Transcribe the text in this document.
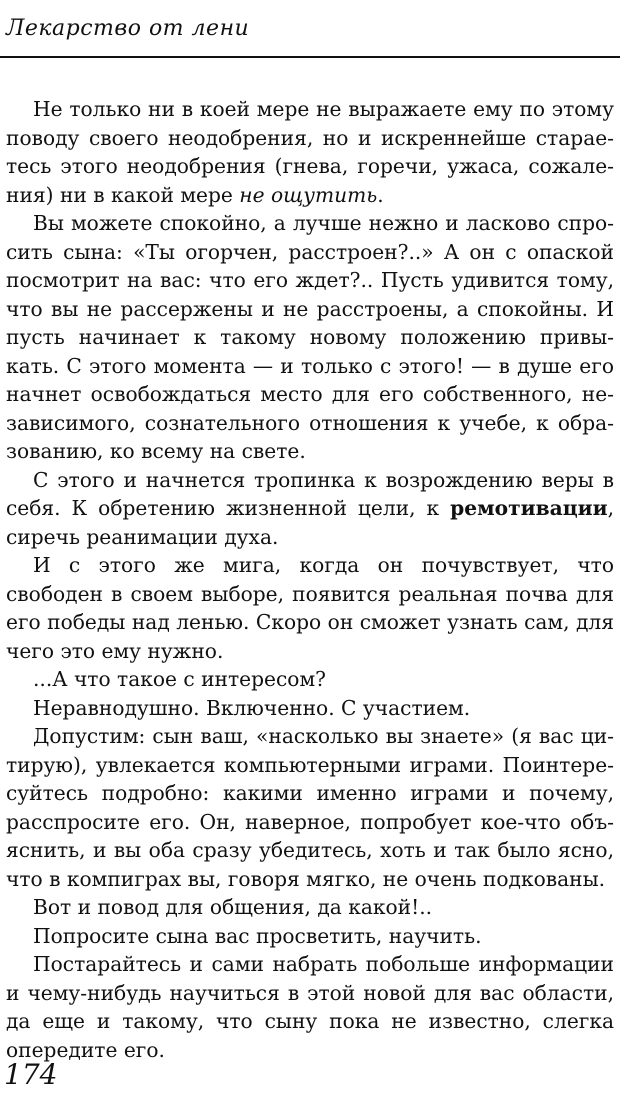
Лекарство от лени

Не только ни в коей мере не выражаете ему по этому поводу своего неодобрения, но и искреннейше стараетесь этого неодобрения (гнева, горечи, ужаса, сожаления) ни в какой мере не ощутить.

Вы можете спокойно, а лучше нежно и ласково спросить сына: «Ты огорчен, расстроен?..» А он с опаской посмотрит на вас: что его ждет?.. Пусть удивится тому, что вы не рассержены и не расстроены, а спокойны. И пусть начинает к такому новому положению привыкать. С этого момента — и только с этого! — в душе его начнет освобождаться место для его собственного, независимого, сознательного отношения к учебе, к образованию, ко всему на свете.

С этого и начнется тропинка к возрождению веры в себя. К обретению жизненной цели, к ремотивации, сиречь реанимации духа.

И с этого же мига, когда он почувствует, что свободен в своем выборе, появится реальная почва для его победы над ленью. Скоро он сможет узнать сам, для чего это ему нужно.

...А что такое с интересом?

Неравнодушно. Включенно. С участием.

Допустим: сын ваш, «насколько вы знаете» (я вас цитирую), увлекается компьютерными играми. Поинтересуйтесь подробно: какими именно играми и почему, расспросите его. Он, наверное, попробует кое-что объяснить, и вы оба сразу убедитесь, хоть и так было ясно, что в компиграх вы, говоря мягко, не очень подкованы.

Вот и повод для общения, да какой!..

Попросите сына вас просветить, научить.

Постарайтесь и сами набрать побольше информации и чему-нибудь научиться в этой новой для вас области, да еще и такому, что сыну пока не известно, слегка опередите его.

174
